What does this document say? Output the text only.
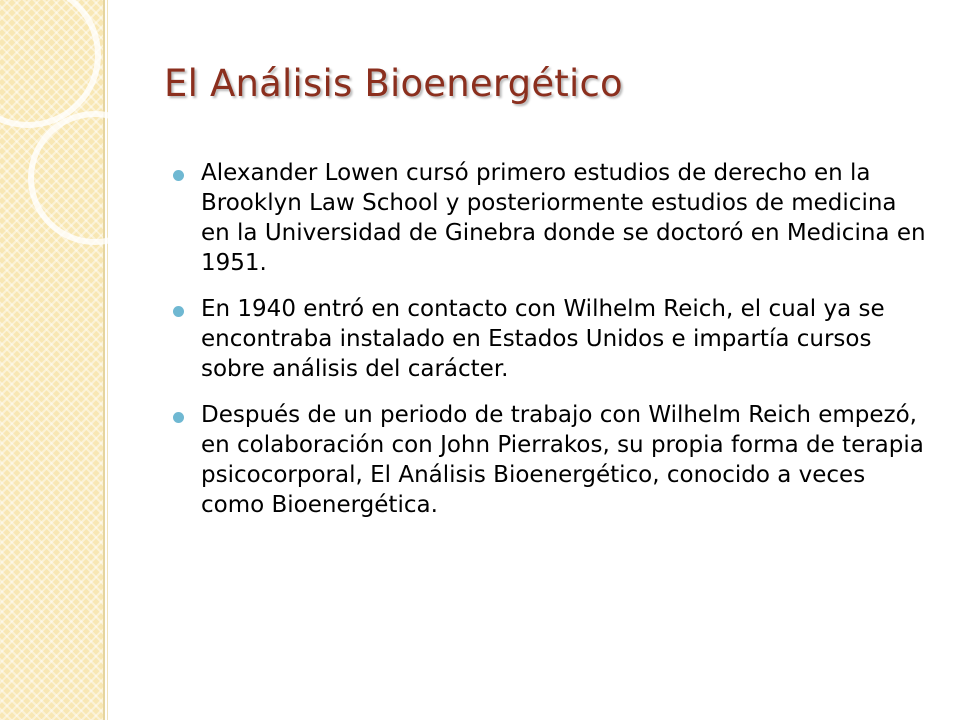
El Análisis Bioenergético
Alexander Lowen cursó primero estudios de derecho en la Brooklyn Law School y posteriormente estudios de medicina en la Universidad de Ginebra donde se doctoró en Medicina en 1951.
En 1940 entró en contacto con Wilhelm Reich, el cual ya se encontraba instalado en Estados Unidos e impartía cursos sobre análisis del carácter.
Después de un periodo de trabajo con Wilhelm Reich empezó, en colaboración con John Pierrakos, su propia forma de terapia psicocorporal, El Análisis Bioenergético, conocido a veces como Bioenergética.
